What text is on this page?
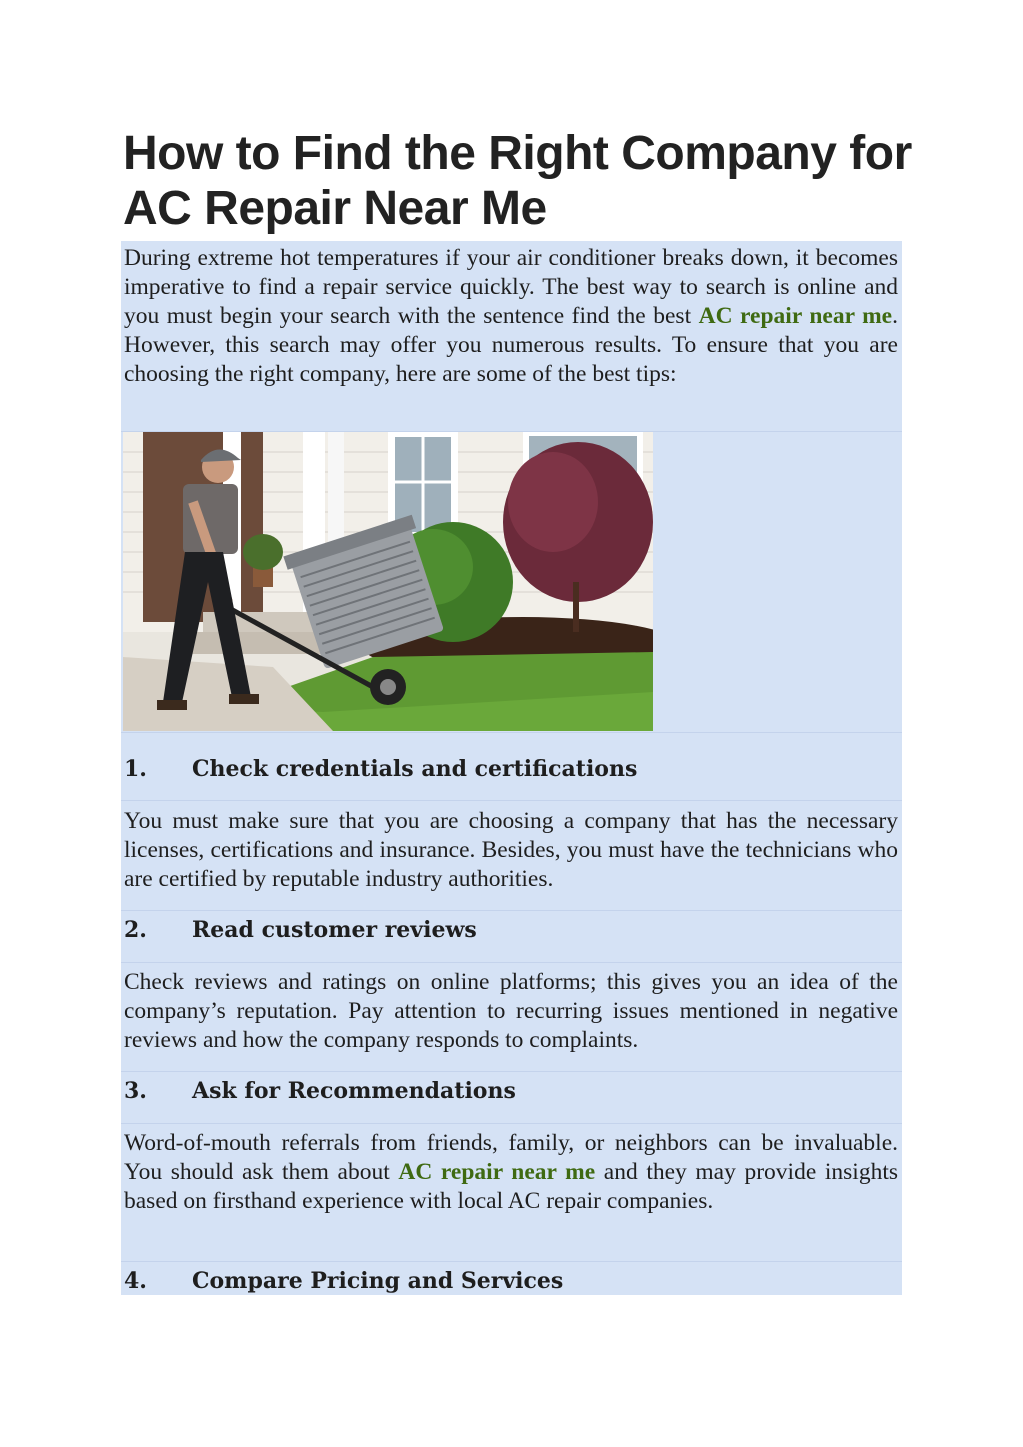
How to Find the Right Company for AC Repair Near Me

During extreme hot temperatures if your air conditioner breaks down, it becomes imperative to find a repair service quickly. The best way to search is online and you must begin your search with the sentence find the best AC repair near me. However, this search may offer you numerous results. To ensure that you are choosing the right company, here are some of the best tips:

1. Check credentials and certifications

You must make sure that you are choosing a company that has the necessary licenses, certifications and insurance. Besides, you must have the technicians who are certified by reputable industry authorities.

2. Read customer reviews

Check reviews and ratings on online platforms; this gives you an idea of the company’s reputation. Pay attention to recurring issues mentioned in negative reviews and how the company responds to complaints.

3. Ask for Recommendations

Word-of-mouth referrals from friends, family, or neighbors can be invaluable. You should ask them about AC repair near me and they may provide insights based on firsthand experience with local AC repair companies.

4. Compare Pricing and Services
